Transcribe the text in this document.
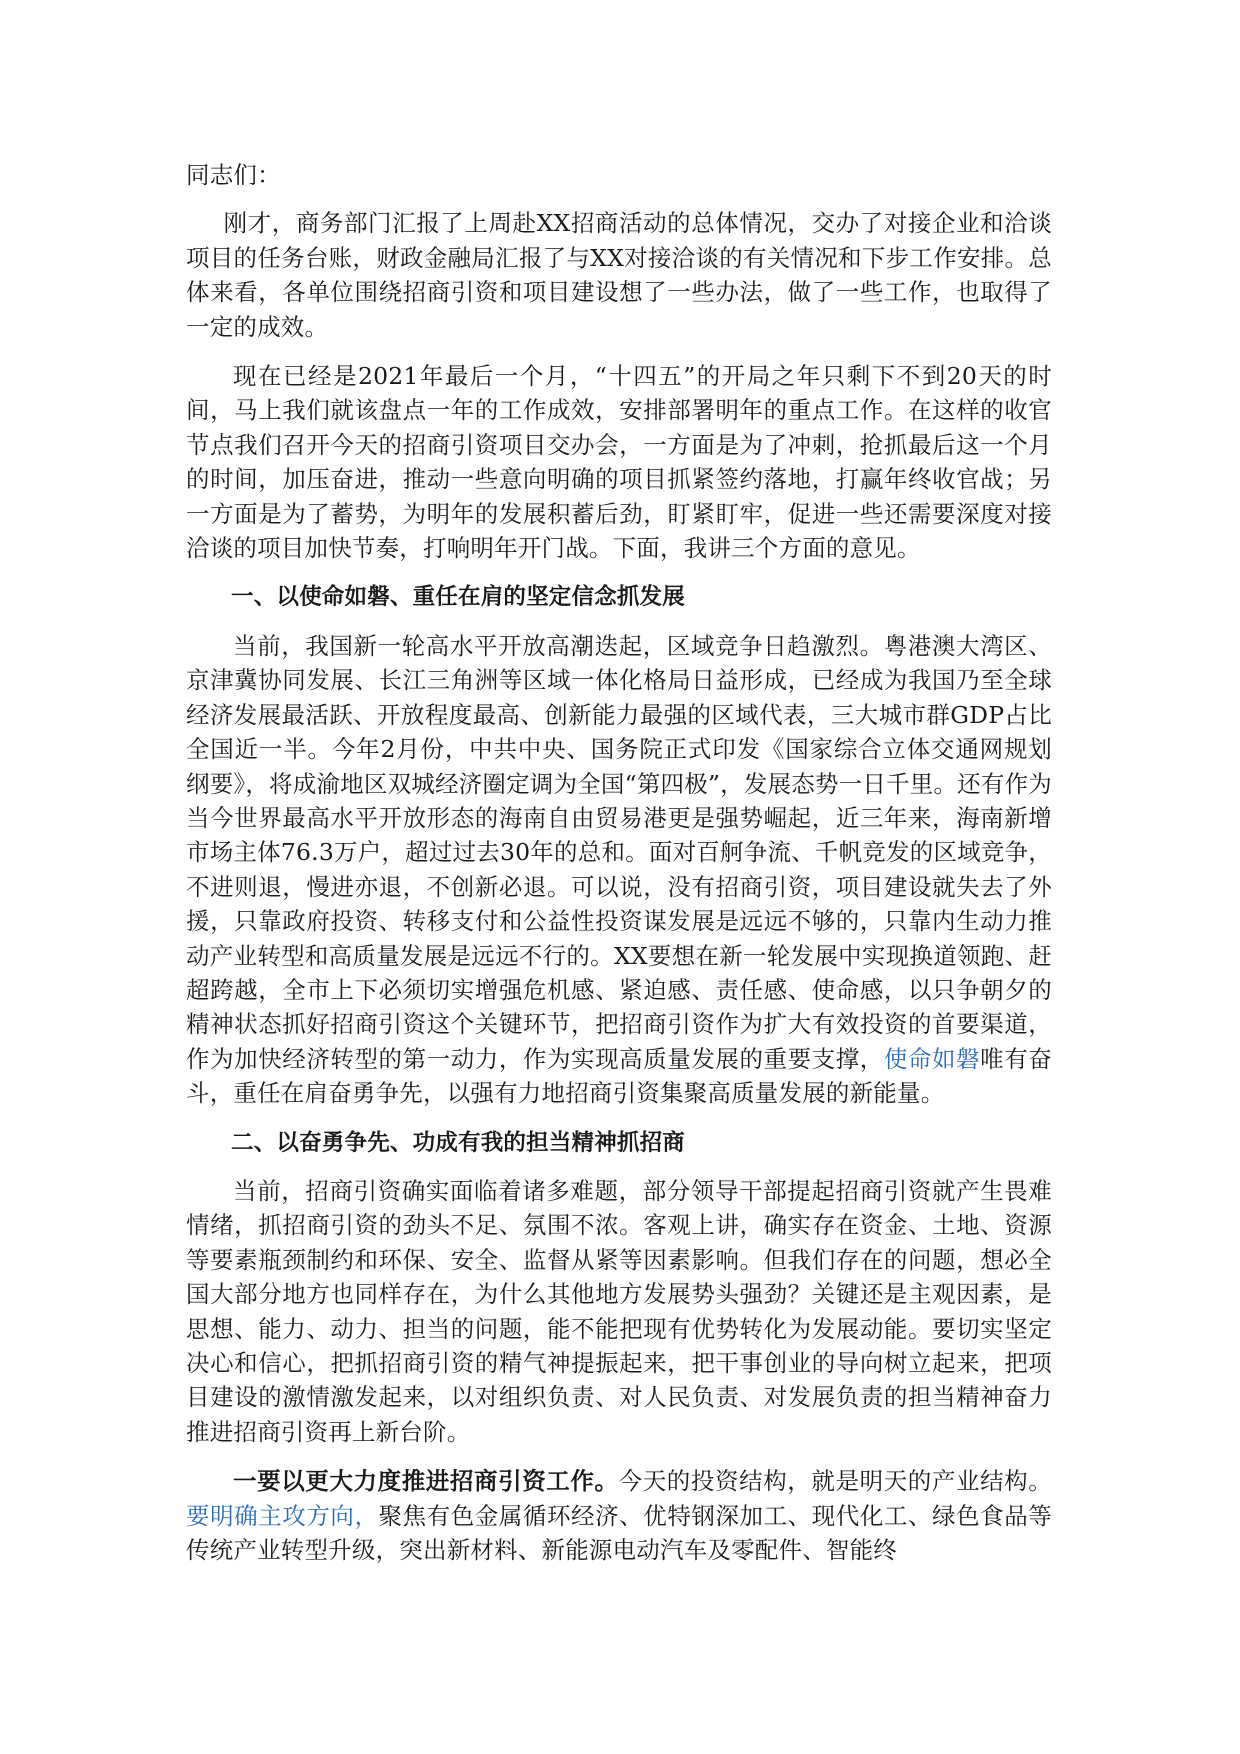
同志们：

刚才，商务部门汇报了上周赴XX招商活动的总体情况，交办了对接企业和洽谈项目的任务台账，财政金融局汇报了与XX对接洽谈的有关情况和下步工作安排。总体来看，各单位围绕招商引资和项目建设想了一些办法，做了一些工作，也取得了一定的成效。

现在已经是2021年最后一个月，“十四五”的开局之年只剩下不到20天的时间，马上我们就该盘点一年的工作成效，安排部署明年的重点工作。在这样的收官节点我们召开今天的招商引资项目交办会，一方面是为了冲刺，抢抓最后这一个月的时间，加压奋进，推动一些意向明确的项目抓紧签约落地，打赢年终收官战；另一方面是为了蓄势，为明年的发展积蓄后劲，盯紧盯牢，促进一些还需要深度对接洽谈的项目加快节奏，打响明年开门战。下面，我讲三个方面的意见。

一、以使命如磐、重任在肩的坚定信念抓发展

当前，我国新一轮高水平开放高潮迭起，区域竞争日趋激烈。粤港澳大湾区、京津冀协同发展、长江三角洲等区域一体化格局日益形成，已经成为我国乃至全球经济发展最活跃、开放程度最高、创新能力最强的区域代表，三大城市群GDP占比全国近一半。今年2月份，中共中央、国务院正式印发《国家综合立体交通网规划纲要》，将成渝地区双城经济圈定调为全国“第四极”，发展态势一日千里。还有作为当今世界最高水平开放形态的海南自由贸易港更是强势崛起，近三年来，海南新增市场主体76.3万户，超过过去30年的总和。面对百舸争流、千帆竞发的区域竞争，不进则退，慢进亦退，不创新必退。可以说，没有招商引资，项目建设就失去了外援，只靠政府投资、转移支付和公益性投资谋发展是远远不够的，只靠内生动力推动产业转型和高质量发展是远远不行的。XX要想在新一轮发展中实现换道领跑、赶超跨越，全市上下必须切实增强危机感、紧迫感、责任感、使命感，以只争朝夕的精神状态抓好招商引资这个关键环节，把招商引资作为扩大有效投资的首要渠道，作为加快经济转型的第一动力，作为实现高质量发展的重要支撑，使命如磐唯有奋斗，重任在肩奋勇争先，以强有力地招商引资集聚高质量发展的新能量。

二、以奋勇争先、功成有我的担当精神抓招商

当前，招商引资确实面临着诸多难题，部分领导干部提起招商引资就产生畏难情绪，抓招商引资的劲头不足、氛围不浓。客观上讲，确实存在资金、土地、资源等要素瓶颈制约和环保、安全、监督从紧等因素影响。但我们存在的问题，想必全国大部分地方也同样存在，为什么其他地方发展势头强劲？关键还是主观因素，是思想、能力、动力、担当的问题，能不能把现有优势转化为发展动能。要切实坚定决心和信心，把抓招商引资的精气神提振起来，把干事创业的导向树立起来，把项目建设的激情激发起来，以对组织负责、对人民负责、对发展负责的担当精神奋力推进招商引资再上新台阶。

一要以更大力度推进招商引资工作。今天的投资结构，就是明天的产业结构。要明确主攻方向，聚焦有色金属循环经济、优特钢深加工、现代化工、绿色食品等传统产业转型升级，突出新材料、新能源电动汽车及零配件、智能终
